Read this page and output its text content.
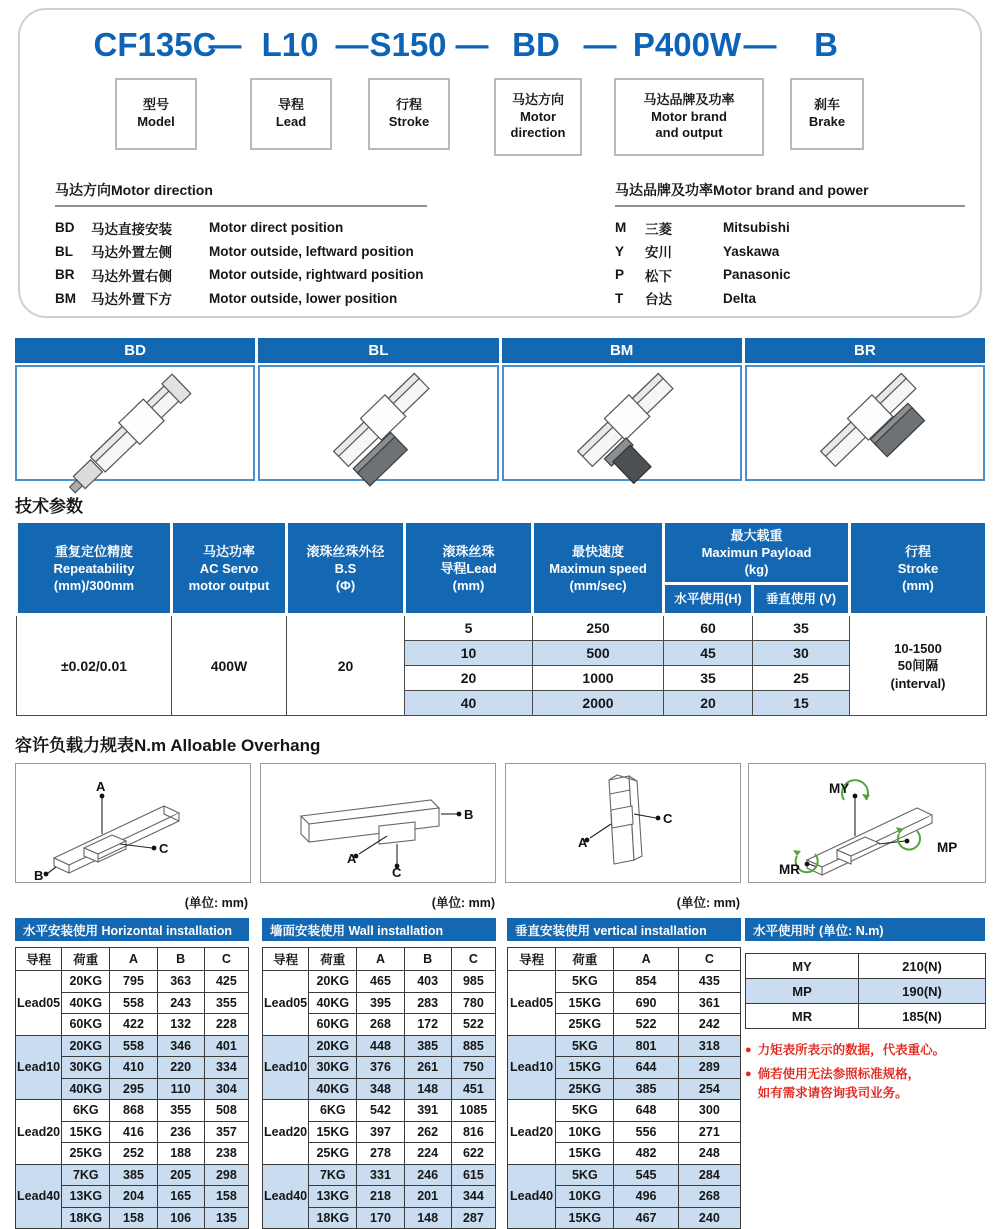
CF135C
— L10 — S150 — BD — P400W — B
型号
Model
导程
Lead
行程
Stroke
马达方向
Motor
direction
马达品牌及功率
Motor brand
and output
刹车
Brake
马达方向Motor direction
BD	马达直接安装	Motor direct position
BL	马达外置左侧	Motor outside, leftward position
BR	马达外置右侧	Motor outside, rightward position
BM	马达外置下方	Motor outside, lower position
马达品牌及功率Motor brand and power
M	三菱	Mitsubishi
Y	安川	Yaskawa
P	松下	Panasonic
T	台达	Delta
BD	BL	BM	BR
技术参数
重复定位精度
Repeatability
(mm)/300mm

马达功率
AC Servo
motor output

滚珠丝珠外径
B.S
(Φ)

滚珠丝珠
导程Lead
(mm)

最快速度
Maximun speed
(mm/sec)

最大载重
Maximun Payload
(kg)

行程
Stroke
(mm)

					水平使用(H)	垂直使用 (V)	
±0.02/0.01	400W	20	5	250	60	35	10-1500
50间隔
(interval)

			10	500	45	30	
			20	1000	35	25	
			40	2000	20	15	
容许负载力规表N.m Alloable Overhang
A
B
C
A
B
C
A
C
MY
MP
MR
(单位: mm)	(单位: mm)	(单位: mm)
水平安装使用 Horizontal installation
导程	荷重	A	B	C
Lead05	20KG	795	363	425
	40KG	558	243	355
	60KG	422	132	228
Lead10	20KG	558	346	401
	30KG	410	220	334
	40KG	295	110	304
Lead20	6KG	868	355	508
	15KG	416	236	357
	25KG	252	188	238
Lead40	7KG	385	205	298
	13KG	204	165	158
	18KG	158	106	135
墙面安装使用 Wall installation
导程	荷重	A	B	C
Lead05	20KG	465	403	985
	40KG	395	283	780
	60KG	268	172	522
Lead10	20KG	448	385	885
	30KG	376	261	750
	40KG	348	148	451
Lead20	6KG	542	391	1085
	15KG	397	262	816
	25KG	278	224	622
Lead40	7KG	331	246	615
	13KG	218	201	344
	18KG	170	148	287
垂直安装使用 vertical installation
导程	荷重	A	C
Lead05	5KG	854	435
	15KG	690	361
	25KG	522	242
Lead10	5KG	801	318
	15KG	644	289
	25KG	385	254
Lead20	5KG	648	300
	10KG	556	271
	15KG	482	248
Lead40	5KG	545	284
	10KG	496	268
	15KG	467	240
水平使用时 (单位: N.m)
MY	210(N)
MP	190(N)
MR	185(N)
● 力矩表所表示的数据，代表重心。
● 倘若使用无法参照标准规格，
如有需求请咨询我司业务。
